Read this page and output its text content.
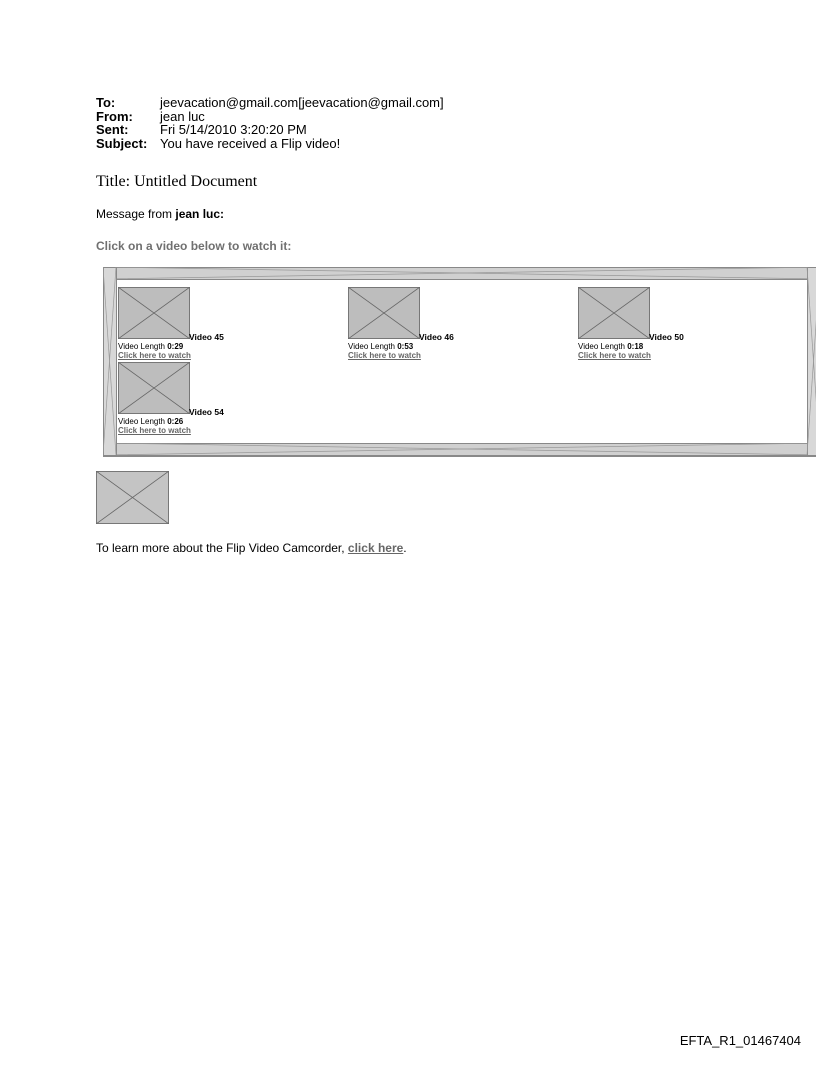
To:	jeevacation@gmail.com[jeevacation@gmail.com]
From:	jean luc
Sent:	Fri 5/14/2010 3:20:20 PM
Subject: You have received a Flip video!
Title: Untitled Document
Message from jean luc:
Click on a video below to watch it:
Video 45
Video Length 0:29
Click here to watch
Video 46
Video Length 0:53
Click here to watch
Video 50
Video Length 0:18
Click here to watch
Video 54
Video Length 0:26
Click here to watch
To learn more about the Flip Video Camcorder, click here.
EFTA_R1_01467404
